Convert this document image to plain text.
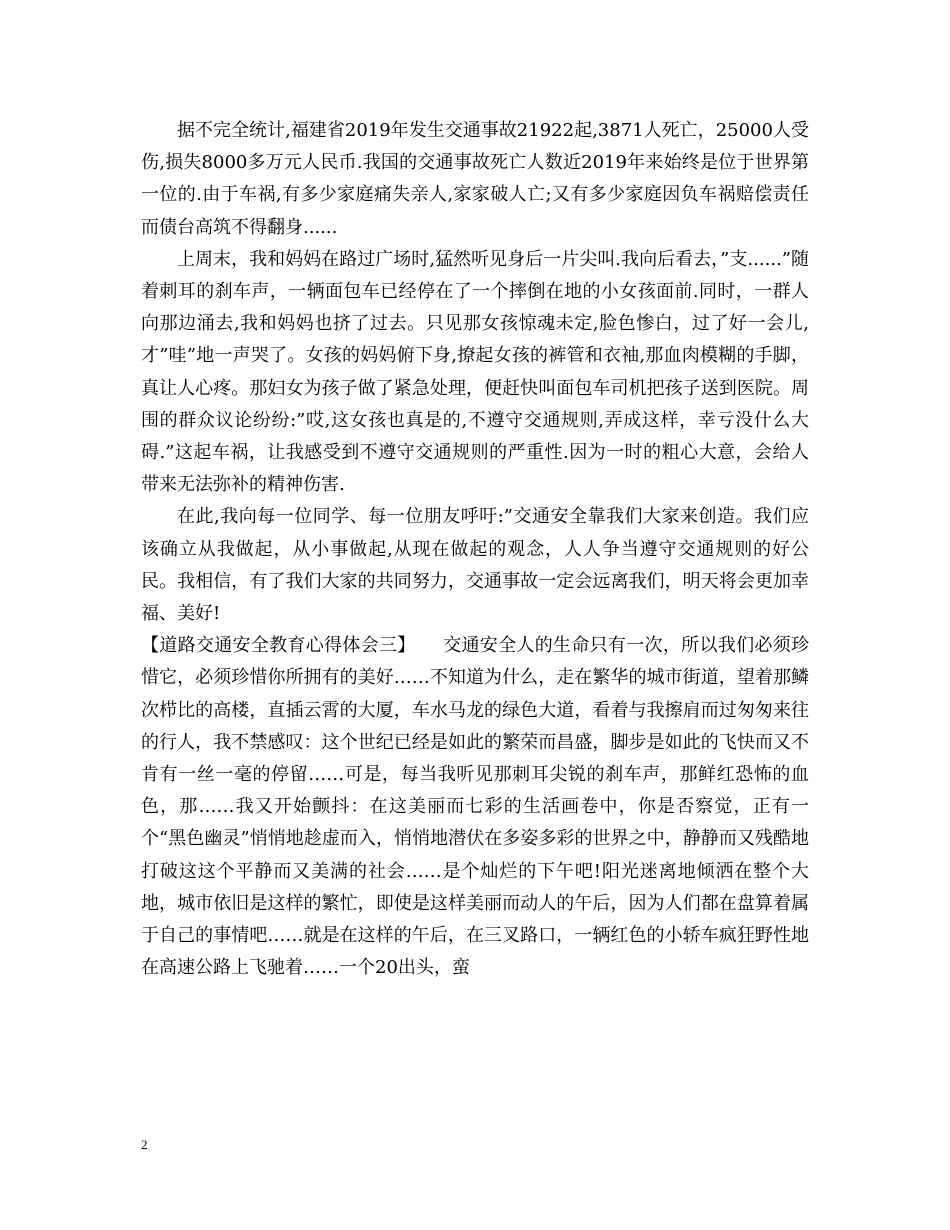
据不完全统计,福建省2019年发生交通事故21922起,3871人死亡，25000人受伤,损失8000多万元人民币.我国的交通事故死亡人数近2019年来始终是位于世界第一位的.由于车祸,有多少家庭痛失亲人,家家破人亡;又有多少家庭因负车祸赔偿责任而债台高筑不得翻身......

上周末，我和妈妈在路过广场时,猛然听见身后一片尖叫.我向后看去，”支......”随着刺耳的刹车声，一辆面包车已经停在了一个摔倒在地的小女孩面前.同时，一群人向那边涌去,我和妈妈也挤了过去。只见那女孩惊魂未定,脸色惨白，过了好一会儿,才”哇”地一声哭了。女孩的妈妈俯下身,撩起女孩的裤管和衣袖,那血肉模糊的手脚，真让人心疼。那妇女为孩子做了紧急处理，便赶快叫面包车司机把孩子送到医院。周围的群众议论纷纷:”哎,这女孩也真是的,不遵守交通规则,弄成这样，幸亏没什么大碍.”这起车祸，让我感受到不遵守交通规则的严重性.因为一时的粗心大意，会给人带来无法弥补的精神伤害.

在此,我向每一位同学、每一位朋友呼吁:”交通安全靠我们大家来创造。我们应该确立从我做起，从小事做起,从现在做起的观念，人人争当遵守交通规则的好公民。我相信，有了我们大家的共同努力，交通事故一定会远离我们，明天将会更加幸福、美好!

【道路交通安全教育心得体会三】　　交通安全人的生命只有一次，所以我们必须珍惜它，必须珍惜你所拥有的美好……不知道为什么，走在繁华的城市街道，望着那鳞次栉比的高楼，直插云霄的大厦，车水马龙的绿色大道，看着与我擦肩而过匆匆来往的行人，我不禁感叹：这个世纪已经是如此的繁荣而昌盛，脚步是如此的飞快而又不肯有一丝一毫的停留……可是，每当我听见那刺耳尖锐的刹车声，那鲜红恐怖的血色，那……我又开始颤抖：在这美丽而七彩的生活画卷中，你是否察觉，正有一个“黑色幽灵”悄悄地趁虚而入，悄悄地潜伏在多姿多彩的世界之中，静静而又残酷地打破这这个平静而又美满的社会……是个灿烂的下午吧!阳光迷离地倾洒在整个大地，城市依旧是这样的繁忙，即使是这样美丽而动人的午后，因为人们都在盘算着属于自己的事情吧……就是在这样的午后，在三叉路口，一辆红色的小轿车疯狂野性地在高速公路上飞驰着……一个20出头，蛮

2
